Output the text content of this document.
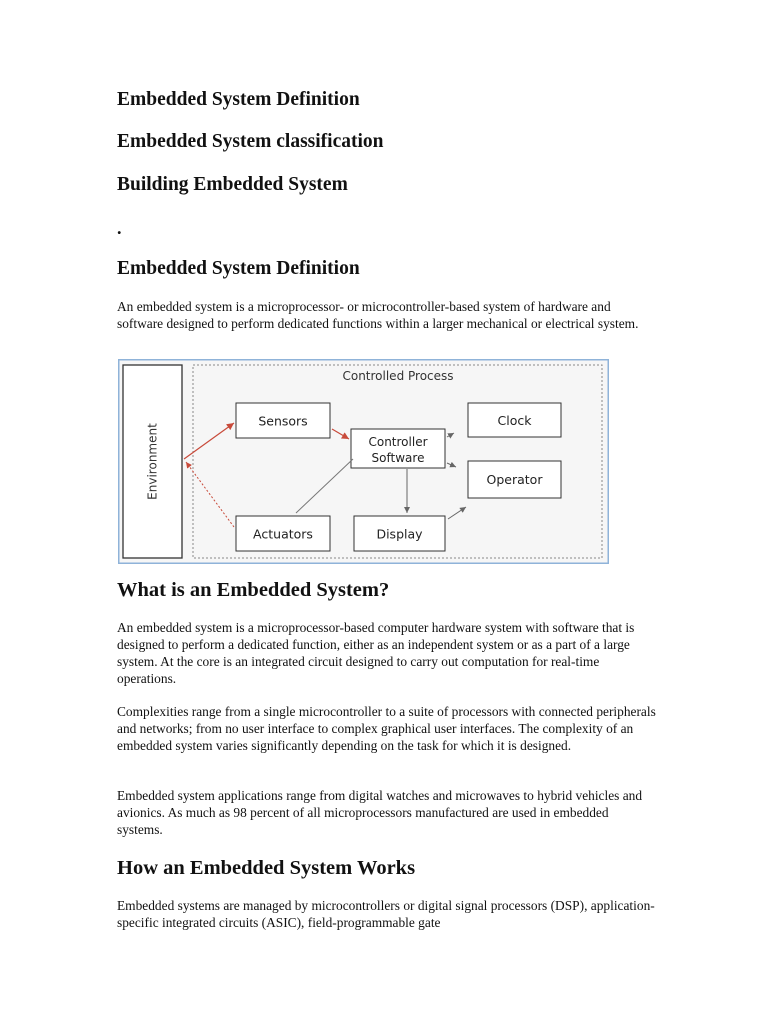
Embedded System Definition
Embedded System classification
Building Embedded System
.
Embedded System Definition

An embedded system is a microprocessor- or microcontroller-based system of hardware and software designed to perform dedicated functions within a larger mechanical or electrical system.

Environment
Controlled Process
Sensors
Controller
Software
Clock
Operator
Actuators	Display
What is an Embedded System?

An embedded system is a microprocessor-based computer hardware system with software that is designed to perform a dedicated function, either as an independent system or as a part of a large system. At the core is an integrated circuit designed to carry out computation for real-time operations.

Complexities range from a single microcontroller to a suite of processors with connected peripherals and networks; from no user interface to complex graphical user interfaces. The complexity of an embedded system varies significantly depending on the task for which it is designed.

Embedded system applications range from digital watches and microwaves to hybrid vehicles and avionics. As much as 98 percent of all microprocessors manufactured are used in embedded systems.

How an Embedded System Works

Embedded systems are managed by microcontrollers or digital signal processors (DSP), application-specific integrated circuits (ASIC), field-programmable gate
